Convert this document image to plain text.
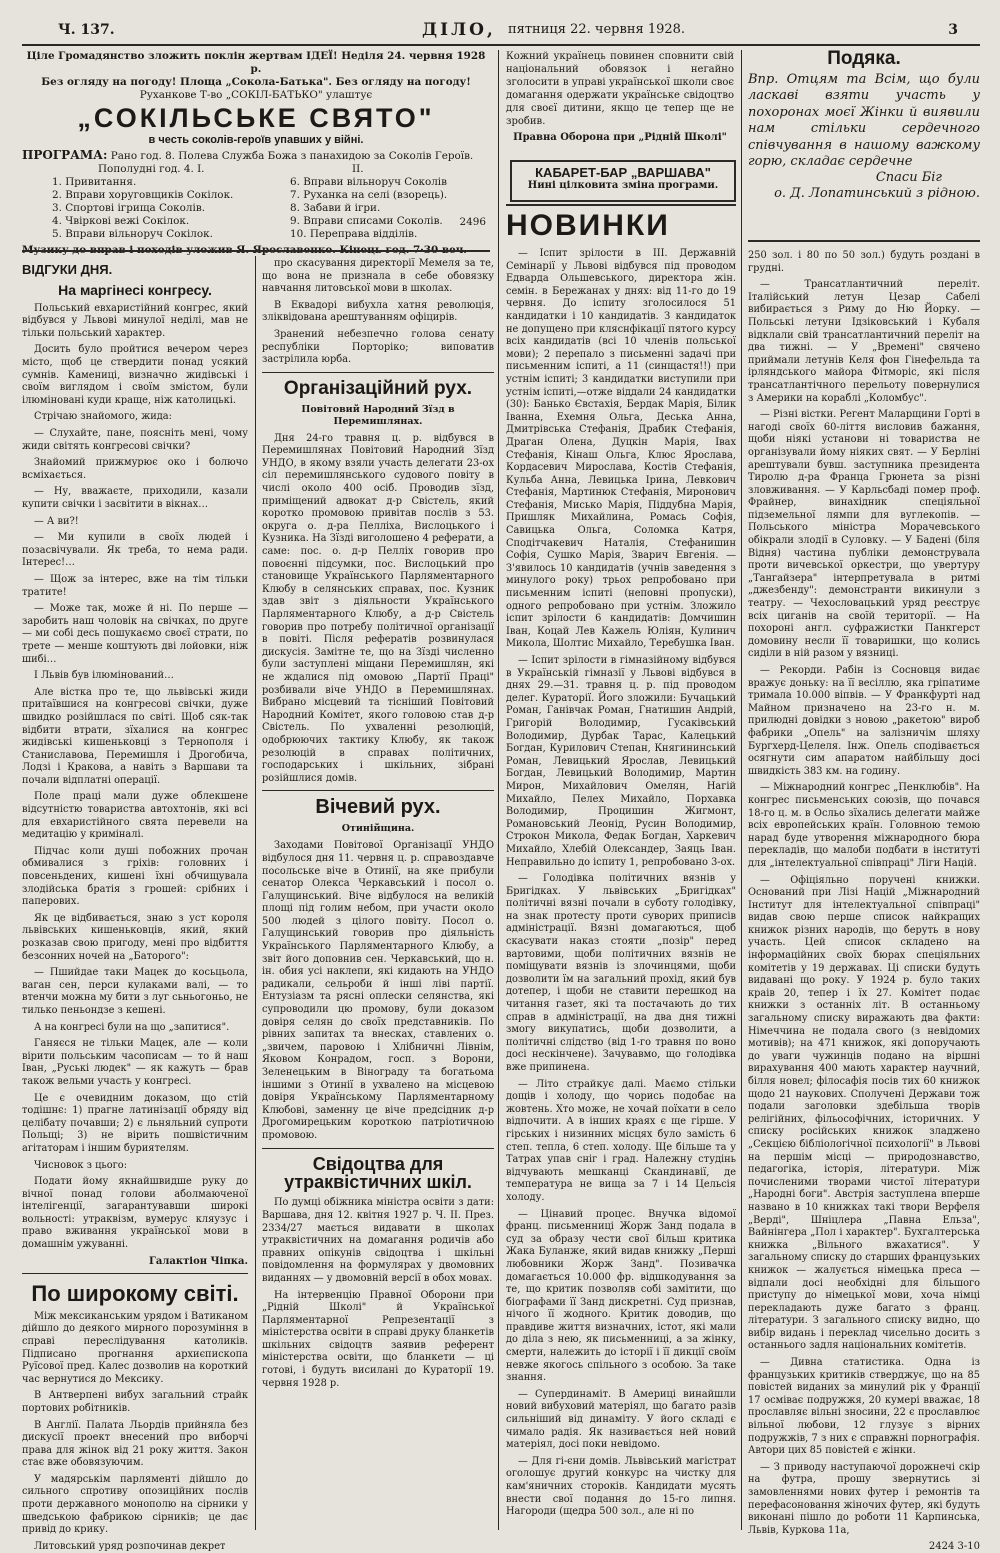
Ч. 137.	ДІЛО, пятниця 22. червня 1928.	3
Ціле Громадянство зложить поклін жертвам ІДЕЇ! Неділя 24. червня 1928 р.
Без огляду на погоду! Площа „Сокола-Батька". Без огляду на погоду!
Руханкове Т-во „СОКІЛ-БАТЬКО" улаштує
„СОКІЛЬСЬКЕ СВЯТО"
в честь соколів-героїв упавших у війні.
ПРОГРАМА: Рано год. 8. Полева Служба Божа з панахидою за Соколів Героїв.
Пополудні год. 4. I.	II.
1. Привитання.
2. Вправи хоруговщиків Сокілок.
3. Спортові ігрища Соколів.
4. Чвірковi вежі Сокілок.
5. Вправи вільноруч Сокілок.
6. Вправи вільноруч Соколів
7. Руханка на селі (взорець).
8. Забави й ігри.
9. Вправи списами Соколів.
10. Переправа відділів.
2496

Кожний українець повинен сповнити свій національний обовязок і негайно зголосити в управі української школи своє домагання одержати українське свідоцтво для своєї дитини, якщо це тепер ще не зробив.

Правна Оборона при „Рідній Школі"
КАБАРЕТ-БАР „ВАРШАВА"
Нині цілковита зміна програми.
Подяка.
Впр. Отцям та Всім, що були ласкаві взяти участь у похоронах моєї Жінки й виявили нам стільки сердечного співчування в нашому важкому горю, складає сердечне
Спаси Біг
о. Д. Лопатинський з рідною.
ВІДГУКИ ДНЯ.
На маргінесі конгресу.

Польський евхаристійний конгрес, який відбувся у Львові минулої неділі, мав не тільки польський характер.

Досить було пройтися вечером через місто, щоб це ствердити понад усякий сумнів. Камениці, визначно жидівські і своїм виглядом і своїм змістом, були ілюміновані куди краще, ніж католицькі.

Стрічаю знайомого, жида:

— Слухайте, пане, поясніть мені, чому жиди світять конгресові свічки?

Знайомий прижмурює око і болючо всміхається.

— Ну, вважаєте, приходили, казали купити свічки і засвітити в вікнах…

— А ви?!

— Ми купили в своїх людей і позасвічували. Як треба, то нема ради. Інтерес!…

— Щож за інтерес, вже на тім тільки тратите!

— Може так, може й ні. По перше — заробить наш чоловік на свічках, по друге — ми собі десь пошукаємо своєї страти, по трете — менше коштують дві лойовки, ніж шибі…

І Львів був ілюмінований…

Але вістка про те, що львівські жиди притаївшися на конгресові свічки, дуже швидко розійшлася по світі. Щоб сяк-так відбити втрати, зїхалися на конгрес жидівські кишеньковці з Тернополя і Станиславова, Перемишля і Дрогобича, Лодзі і Кракова, а навіть з Варшави та почали відплатні операції.

Поле праці мали дуже облекшене відсутністю товариства автохтонів, які всі для евхаристійного свята перевели на медитацію у криміналі.

Підчас коли душі побожних прочан обмивалися з гріхів: головних і повсеньдених, кишені їхні обчищувала злодійська братія з грошей: срібних і паперових.

Як це відбивається, знаю з уст короля львівських кишеньковців, який, який розказав свою пригоду, мені про відбиття безсонних ночей на „Баторого":

— Пшийдае таки Мацек до косьцьола, ваган сен, перси кулаками валі, — то втенчи можна му бити з луг сьньогоньо, не тилько пеньондзе з кешені.

А на конгресі були на що „запитися".

Ганяєся не тільки Мацек, але — коли вірити польським часописам — то й наш Іван, „Руські людек" — як кажуть — брав також вельми участь у конгресі.

Це є очевидним доказом, що стій тодішнє: 1) прагне латинізації обряду від целібату почавши; 2) є льняльний супроти Польщі; 3) не вірить пошвістичним агітаторам і іншим буриятелям.

Чисновок з цього:

Подати йому якнайшвидше руку до вічної понад голови аболмаюченої інтелігенції, загарантувавши широкі вольності: утраквізм, вумерус кляузус і право вживання української мови в домашнім ужуванні.

Галактіон Чіпка.
По широкому світі.

Між мексиканським урядом і Ватиканом дійшло до деякого мирного порозуміння в справі переслідування католиків. Підписано прогнання архиєпископа Руїсової пред. Калес дозволив на короткий час вернутися до Мексику.

В Антверпені вибух загальний страйк портових робітників.

В Англії. Палата Льордів прийняла без дискусії проект внесений про виборчі права для жінок від 21 року життя. Закон стає вже обовязуючим.

У мадярськім парляменті дійшло до сильного спротиву опозиційних послів проти державного монополю на сірники у шведською фабрикою сірників; це дає привід до крику.

Литовський уряд розпочинав декрет

про скасування директорії Мемеля за те, що вона не признала в себе обовязку навчання литовської мови в школах.

В Еквадорі вибухла хатня революція, зліквідована арештуванням офіцирів.

Зранений небезпечно голова сенату республіки Порторіко; виповатив застрілила юрба.

Організаційний рух.
Повітовий Народний Зїзд в Перемишлянах.

Дня 24-го травня ц. р. відбувся в Перемишлянах Повітовий Народний Зїзд УНДО, в якому взяли участь делегати 23-ох сіл перемишлянського судового повіту в числі около 400 осіб. Проводив зїзд, приміщений адвокат д-р Свістель, який коротко промовою привітав послів з 53. округа о. д-ра Пелліха, Вислоцького і Кузника. На Зїзді виголошено 4 реферати, а саме: пос. о. д-р Пелліх говорив про повоєнні підсумки, пос. Вислоцький про становище Українського Парляментарного Клюбу в селянських справах, пос. Кузник здав звіт з діяльности Українського Парляментарного Клюбу, а д-р Свістель говорив про потребу політичної організації в повіті. Після рефератів розвинулася дискусія. Замітне те, що на Зїзді численно були заступлені міщани Перемишлян, які не ждалися під омовою „Партії Праці" розбивали віче УНДО в Перемишлянах. Вибрано місцевий та тісніший Повітовий Народний Комітет, якого головою став д-р Свістель. По ухваленні резолюцій, одобрюючих тактику Клюбу, як також резолюцій в справах політичних, господарських і шкільних, зібрані розійшлися домів.

Вічевий рух.
Отинійщина.

Заходами Повітової Організації УНДО відбулося дня 11. червня ц. р. справоздавче посольське віче в Отинії, на яке прибули сенатор Олекса Черкавський і посол о. Галущинський. Віче відбулося на великій площі під голим небом, при участи около 500 людей з цілого повіту. Посол о. Галущинський говорив про діяльність Українського Парляментарного Клюбу, а звіт його доповнив сен. Черкавський, що н. ін. обия усі наклепи, які кидають на УНДО радикали, сельроби й інші ліві партії. Ентузіазм та рясні оплески селянства, які супроводили цю промову, були доказом довіря селян до своїх представників. По рівних запитах та внесках, ставлених о. „звичем, паровою і Хлібничні Лівнім, Яковом Конрадом, госп. з Ворони, Зеленецьким в Вінограду та богатьома іншими з Отинії в ухвалено на місцевою довіря Українському Парляментарному Клюбові, заменну це віче предсідник д-р Дрогомирецьким короткою патріотичною промовою.

Свідоцтва для утраквістичних шкіл.

По думці обіжника міністра освіти з дати: Варшава, дня 12. квітня 1927 р. Ч. ІІ. През. 2334/27 мається видавати в школах утраквістичних на домагання родичів або правних опікунів свідоцтва і шкільні повідомлення на формулярах у двомовних виданнях — у двомовній версії в обох мовах.

На інтервенцію Правної Оборони при „Рідній Школі" й Української Парляментарної Репрезентації з міністерства освіти в справі друку бланкетів шкільних свідоцтв заявив референт міністерства освіти, що бланкети — ці готові, і будуть висилані до Кураторії 19. червня 1928 р.

НОВИНКИ

— Іспит зрілости в III. Державній Семінарії у Львові відбувся під проводом Едварда Ольшевського, директора жін. семін. в Бережанах у днях: від 11-го до 19 червня. До іспиту зголосилося 51 кандидатки і 10 кандидатів. З кандидаток не допущено при кляснфікації пятого курсу всіх кандидатів (всі 10 членів польської мови); 2 перепало з письменні задачі при письменним іспиті, а 11 (синщастя!!) при устнім іспиті; 3 кандидатки виступили при устнім іспиті,—отже віддали 24 кандидатки (30): Банько Євстахія, Бердак Марія, Білик Іванна, Ехемня Ольга, Деська Анна, Дмитрівська Стефанія, Драбик Стефанія, Драган Олена, Дуцкін Марія, Івах Стефанія, Кінаш Ольга, Клюс Ярослава, Кордасевич Мирослава, Костів Стефанія, Кульба Анна, Левицька Ірина, Левкович Стефанія, Мартинюк Стефанія, Миронович Стефанія, Мисько Марія, Піддубна Марія, Пришляк Михайлина, Ромась Софія, Савицька Ольга, Соломка Катря, Сподітчакевич Наталія, Стефанишин Софія, Сушко Марія, Зварич Евгенія. — З'явилось 10 кандидатів (учнів заведення з минулого року) трьох репробовано при письменним іспиті (неповні пропуски), одного репробовано при устнім. Зложило іспит зрілости 6 кандидатів: Домчишин Іван, Коцай Лев Кажель Юліян, Кулинич Микола, Шолтис Михайло, Теребушка Іван.

— Іспит зрілости в гімназійному відбувся в Українській гімназії у Львові відбувся в днях 29.—31. травня ц. р. під проводом делег. Кураторії. Його зложили: Бучацький Роман, Ганівчак Роман, Гнатишин Андрій, Григорій Володимир, Гусаківський Володимир, Дурбак Тарас, Калецький Богдан, Курилович Степан, Княгининський Роман, Левицький Ярослав, Левицький Богдан, Левицький Володимир, Мартин Мирон, Михайлович Омелян, Нагій Михайло, Пелех Михайло, Порхавка Володимир, Процишин Жигмонт, Романовський Леонід, Русин Володимир, Строкон Микола, Федак Богдан, Харкевич Михайло, Хлебій Олександер, Заяць Іван. Неправильно до іспиту 1, репробовано 3-ох.

— Голодівка політичних вязнів у Бригідках. У львівських „Бригідках" політичні вязні почали в суботу голодівку, на знак протесту проти суворих приписів адміністрації. Вязні домагаються, щоб скасувати наказ стояти „позір" перед вартовими, щоби політичних вязнів не поміщувати вязнів із злочинцями, щоби дозволити їм на загальний прохід, який був дотепер, і щоби не ставити перешкод на читання газет, які та постачають до тих справ в адміністрації, на два дня тижні змогу викупатись, щоби дозволити, а політичні слідство (від 1-го травня по воно досі нескінчене). Зачувавмо, що голодівка вже припинена.

— Літо страйкує далі. Маємо стільки дощів і холоду, що чорись подобає на жовтень. Хто може, не хочай поїхати в село відпочити. А в інших краях є ще гірше. У гірських і низинних місцях було замість 6 степ. тепла, 6 степ. холоду. Ще більше та у Татрах упав сніг і град. Належну студінь відчувають мешканці Скандинавії, де температура не вища за 7 і 14 Цельсія холоду.

— Цінавий процес. Внучка відомої франц. письменниці Жорж Занд подала в суд за образу чести свої більш критика Жака Буланже, який видав книжку „Перші любовники Жорж Занд". Позивачка домагається 10.000 фр. відшкодування за те, що критик позволяв собі замітити, що біографами її Занд дискретні. Суд признав, нічого її жодного. Критик доводив, що правдиве життя визначних, істот, які мали до діла з нею, як письменниці, а за жінку, смерти, належить до історії і її дикції своїм невже якогось спільного з особою. За таке знання.

— Супердинаміт. В Америці винайшли новий вибуховий матеріял, що багато разів сильніший від динаміту. У його складі є чимало радія. Як називається ней новий матеріял, досі поки невідомо.

— Для гі-єни домів. Львівський магістрат оголошує другий конкурс на чистку для кам'яничних стороків. Кандидати мусять внести свої подання до 15-го липня. Нагороди (щедра 500 зол., але ні по

250 зол. і 80 по 50 зол.) будуть роздані в грудні.

— Трансатлантичний переліт. Італійський летун Цезар Сабелі вибирається з Риму до Ню Йорку. — Польські летуни Ідзіковський і Кубаля відклали свій трансатлантичний переліт на два тижні. — У „Времені" свячено приймали летунів Келя фон Гінефельда та ірляндського майора Фітморіс, які після трансатлантічного перельоту повернулися з Америки на кораблі „Коломбус".

— Різні вістки. Регент Маларщини Горті в нагоді своїх 60-ліття висловив бажання, щоби ніякі установи ні товариства не організували йому ніяких свят. — У Берліні арештували бувш. заступника президента Тиролю д-ра Франца Грюнета за різні зловживання. — У Карльсбаді помер проф. Фрайнер, винахідник спеціяльної підземельної лямпи для вуглекопів. — Польського міністра Морачевського обікрали злодії в Суловку. — У Бадені (біля Відня) частина публіки демонструвала проти вичевської оркестри, що увертуру „Тангайзера" інтерпретувала в ритмі „джезбенду": демонстранти викинули з театру. — Чехословацький уряд реєструє всіх циганів на своїй території. — На похороні англ. суфражистки Панкгерст домовину несли її товаришки, що колись сиділи в ній разом у вязниці.

— Рекорди. Рабін із Сосновця видає вражує доньку: на її весіллю, яка гріпатиме тримала 10.000 віпвів. — У Франкфурті над Майном призначено на 23-го н. м. прилюдні довідки з новою „ракетою" вироб фабрики „Опель" на залізничім шляху Бургхерд-Целеля. Інж. Опель сподівається осягнути сим апаратом найбільшу досі швидкість 383 км. на годину.

— Міжнародний конгрес „Пенклюбів". На конгрес письменських союзів, що почався 18-го ц. м. в Осльо зїхались делегати майже всіх европейських країн. Головною темою нарад буде утворення міжнародного бюра перекладів, що малоби подбати в інституті для „інтелектуальної співпраці" Ліги Націй.

— Офіціяльно поручені книжки. Оснований при Лізі Націй „Міжнародний Інститут для інтелектуальної співпраці" видав свою перше список найкращих книжок різних народів, що беруть в нову участь. Цей список складено на інформаційних своїх бюрах спеціяльних комітетів у 19 державах. Ці списки будуть видавані що року. У 1924 р. було таких краів 20, тепер і їх 27. Комітет подає книжки з останніх літ. В останньому загальному списку виражають два факти: Німеччина не подала свого (з невідомих мотивів); на 471 книжок, які допоручають до уваги чужинців подано на віршні вирахування 400 мають характер научний, білля новел; філосафія посів тих 60 книжок щодо 21 наукових. Сполучені Держави тож подали заголовки здебільша творів релігійних, фільософічних, історичних. У списку російських книжок зладжено „Секцією бібліологічної психології" в Львові на першім місці — природознавство, педагогіка, історія, літератури. Між почисленими творами чистої літератури „Народні боги". Австрія заступлена вперше названо в 10 книжках такі твори Верфеля „Верді", Шніцлера „Павна Ельза", Вайнінгера „Пол і характер". Бухгалтерська книжка „Вільного вжахатися". У загальному списку до старших французьких книжок — жалується німецька преса — відпали досі необхідні для більшого приступу до німецької мови, хоча німці перекладають дуже багато з франц. літератури. З загального списку видно, що вибір видань і переклад чисельно досить з останнього задля національних комітетів.

— Дивна статистика. Одна із французьких критиків стверджує, що на 85 повістей виданих за минулий рік у Франції 17 осміває подружжя, 20 кумері вважає, 18 прославляє вільні зносини, 22 є прославлює вільної любови, 12 глузує з вірних подружжів, 7 з них є справжні порнографія. Автори цих 85 повістей є жінки.

— З приводу наступаючої дорожнечі скір на футра, прошу звернутись зі замовленнями нових футер і ремонтів та перефасоновання жіночих футер, які будуть виконані пішло до роботи 11 Карпинська, Львів, Куркова 11а,

2424 3-10
